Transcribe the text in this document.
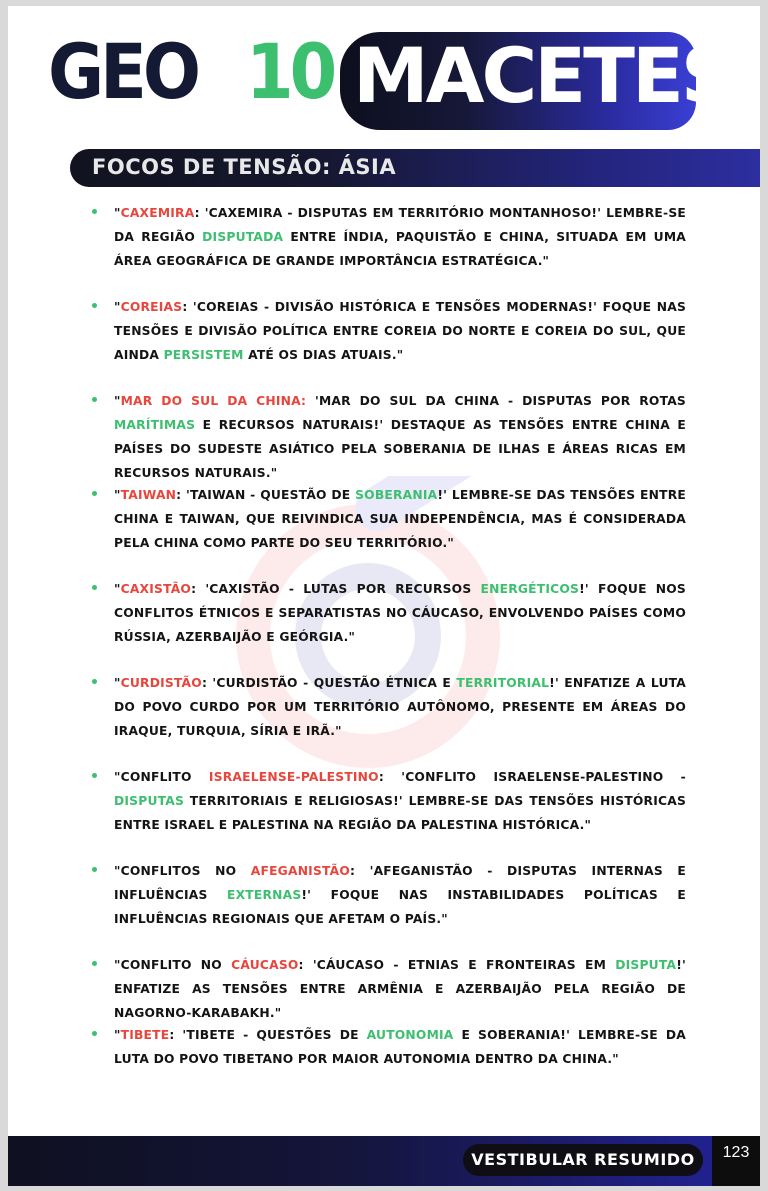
GEO 10 MACETES
FOCOS DE TENSÃO: ÁSIA
"CAXEMIRA: 'CAXEMIRA - DISPUTAS EM TERRITÓRIO MONTANHOSO!' LEMBRE-SE DA REGIÃO DISPUTADA ENTRE ÍNDIA, PAQUISTÃO E CHINA, SITUADA EM UMA ÁREA GEOGRÁFICA DE GRANDE IMPORTÂNCIA ESTRATÉGICA."
"COREIAS: 'COREIAS - DIVISÃO HISTÓRICA E TENSÕES MODERNAS!' FOQUE NAS TENSÕES E DIVISÃO POLÍTICA ENTRE COREIA DO NORTE E COREIA DO SUL, QUE AINDA PERSISTEM ATÉ OS DIAS ATUAIS."
"MAR DO SUL DA CHINA: 'MAR DO SUL DA CHINA - DISPUTAS POR ROTAS MARÍTIMAS E RECURSOS NATURAIS!' DESTAQUE AS TENSÕES ENTRE CHINA E PAÍSES DO SUDESTE ASIÁTICO PELA SOBERANIA DE ILHAS E ÁREAS RICAS EM RECURSOS NATURAIS."
"TAIWAN: 'TAIWAN - QUESTÃO DE SOBERANIA!' LEMBRE-SE DAS TENSÕES ENTRE CHINA E TAIWAN, QUE REIVINDICA SUA INDEPENDÊNCIA, MAS É CONSIDERADA PELA CHINA COMO PARTE DO SEU TERRITÓRIO."
"CAXISTÃO: 'CAXISTÃO - LUTAS POR RECURSOS ENERGÉTICOS!' FOQUE NOS CONFLITOS ÉTNICOS E SEPARATISTAS NO CÁUCASO, ENVOLVENDO PAÍSES COMO RÚSSIA, AZERBAIJÃO E GEÓRGIA."
"CURDISTÃO: 'CURDISTÃO - QUESTÃO ÉTNICA E TERRITORIAL!' ENFATIZE A LUTA DO POVO CURDO POR UM TERRITÓRIO AUTÔNOMO, PRESENTE EM ÁREAS DO IRAQUE, TURQUIA, SÍRIA E IRÃ."
"CONFLITO ISRAELENSE-PALESTINO: 'CONFLITO ISRAELENSE-PALESTINO - DISPUTAS TERRITORIAIS E RELIGIOSAS!' LEMBRE-SE DAS TENSÕES HISTÓRICAS ENTRE ISRAEL E PALESTINA NA REGIÃO DA PALESTINA HISTÓRICA."
"CONFLITOS NO AFEGANISTÃO: 'AFEGANISTÃO - DISPUTAS INTERNAS E INFLUÊNCIAS EXTERNAS!' FOQUE NAS INSTABILIDADES POLÍTICAS E INFLUÊNCIAS REGIONAIS QUE AFETAM O PAÍS."
"CONFLITO NO CÁUCASO: 'CÁUCASO - ETNIAS E FRONTEIRAS EM DISPUTA!' ENFATIZE AS TENSÕES ENTRE ARMÊNIA E AZERBAIJÃO PELA REGIÃO DE NAGORNO-KARABAKH."
"TIBETE: 'TIBETE - QUESTÕES DE AUTONOMIA E SOBERANIA!' LEMBRE-SE DA LUTA DO POVO TIBETANO POR MAIOR AUTONOMIA DENTRO DA CHINA."
VESTIBULAR RESUMIDO	123
